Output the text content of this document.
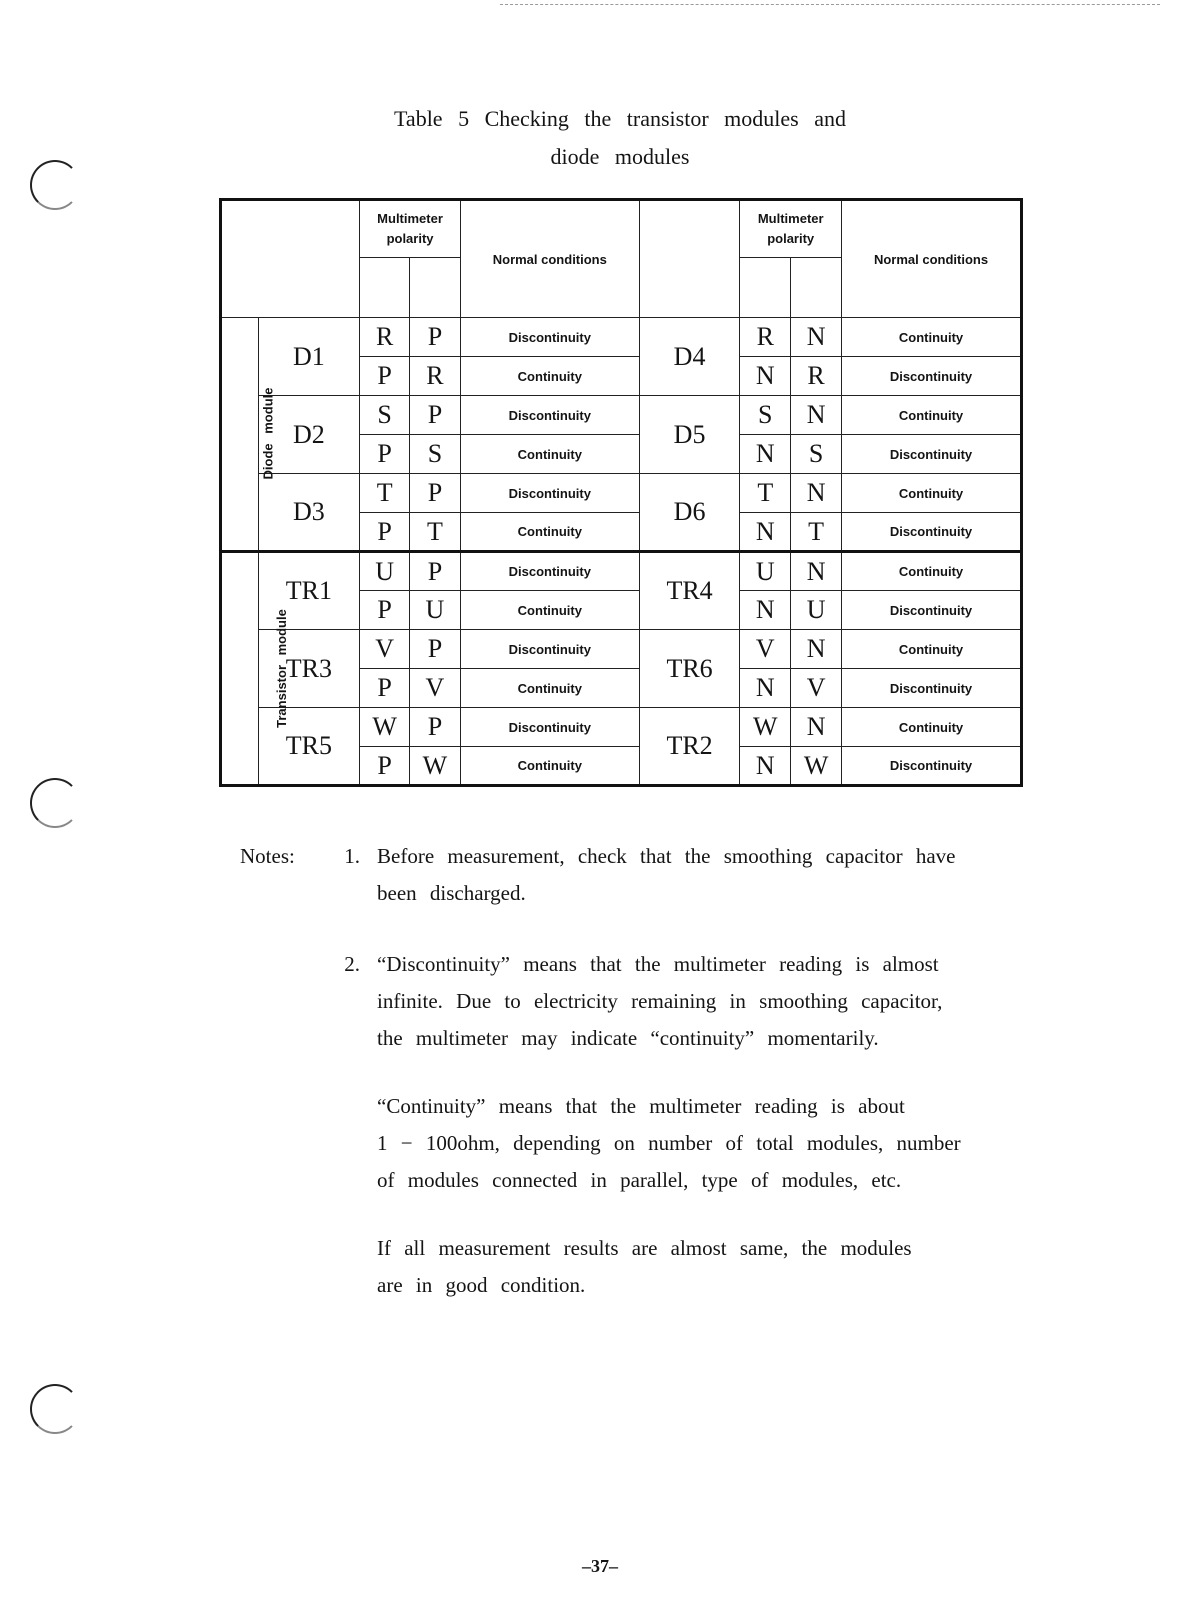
Table 5 Checking the transistor modules and
diode modules
		Multimeter polarity		Normal conditions		Multimeter polarity		Normal conditions

Diode module	D1	R	P	Discontinuity	D4	R	N	Continuity
		P	R	Continuity		N	R	Discontinuity
	D2	S	P	Discontinuity	D5	S	N	Continuity
		P	S	Continuity		N	S	Discontinuity
	D3	T	P	Discontinuity	D6	T	N	Continuity
		P	T	Continuity		N	T	Discontinuity
Transistor module	TR1	U	P	Discontinuity	TR4	U	N	Continuity
		P	U	Continuity		N	U	Discontinuity
	TR3	V	P	Discontinuity	TR6	V	N	Continuity
		P	V	Continuity		N	V	Discontinuity
	TR5	W	P	Discontinuity	TR2	W	N	Continuity
		P	W	Continuity		N	W	Discontinuity
Notes:	1. Before measurement, check that the smoothing capacitor have
been discharged.
2. “Discontinuity” means that the multimeter reading is almost
infinite. Due to electricity remaining in smoothing capacitor,
the multimeter may indicate “continuity” momentarily.
“Continuity” means that the multimeter reading is about
1 − 100ohm, depending on number of total modules, number
of modules connected in parallel, type of modules, etc.
If all measurement results are almost same, the modules
are in good condition.
–37–
